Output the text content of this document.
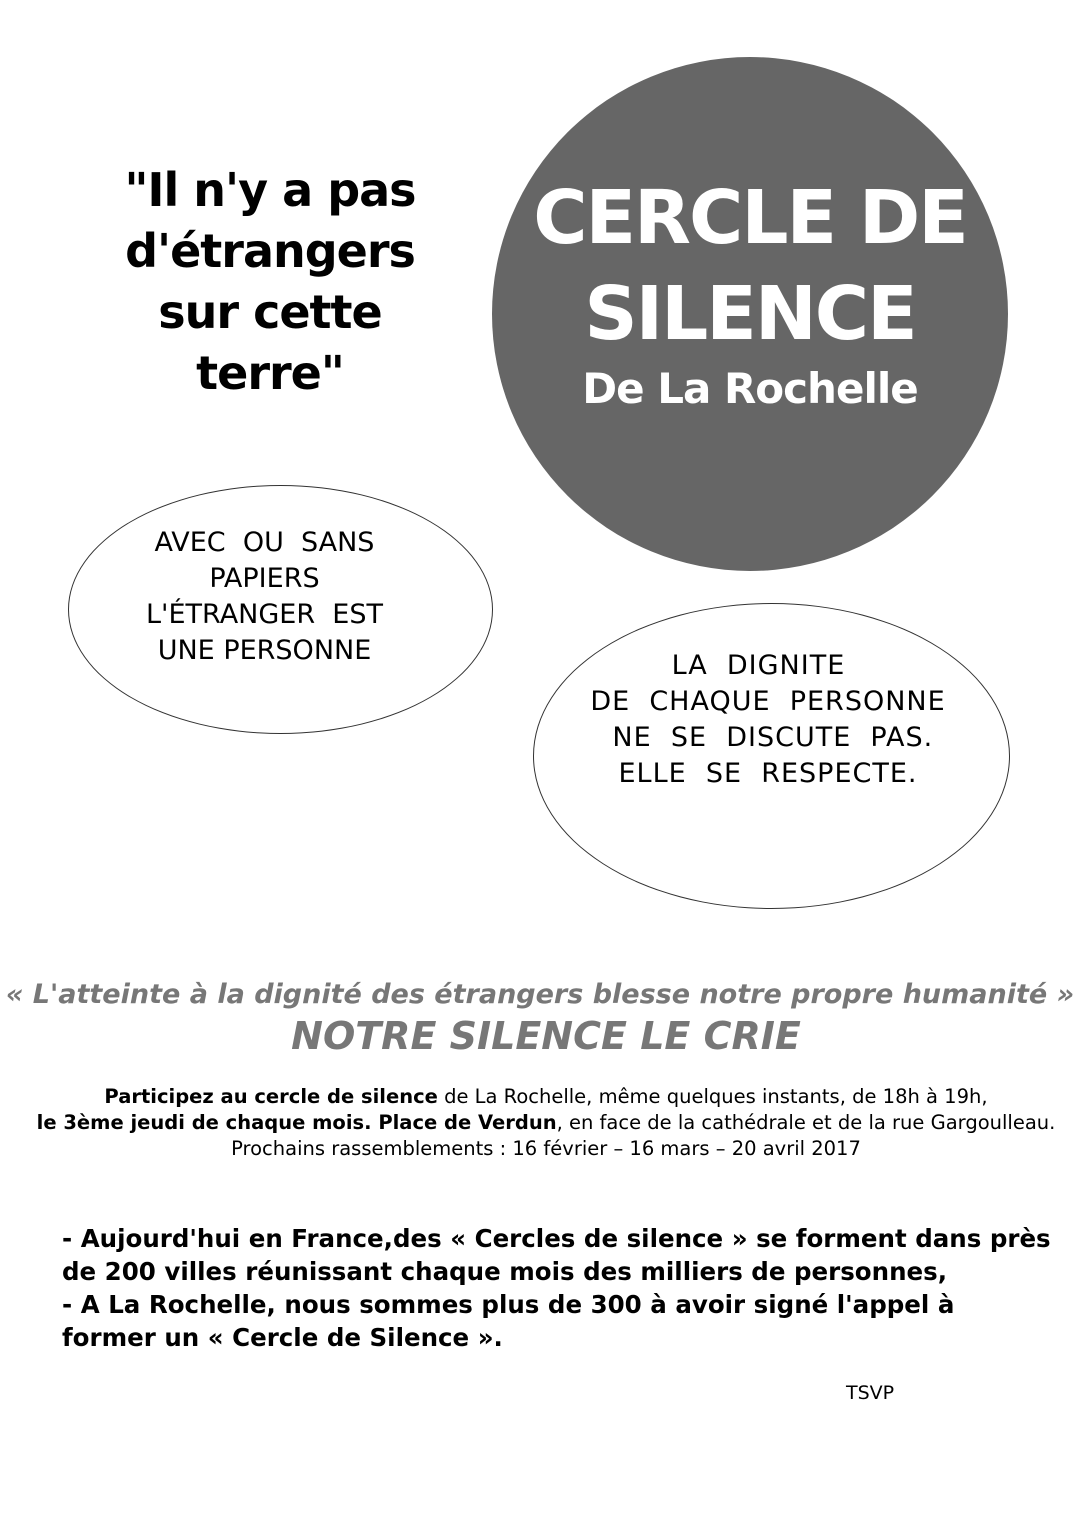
"Il n'y a pas
d'étrangers
sur cette
terre"
CERCLE DE
SILENCE
De La Rochelle
AVEC  OU  SANS
PAPIERS
L'ÉTRANGER  EST
UNE PERSONNE	LA  DIGNITE
DE  CHAQUE  PERSONNE
NE  SE  DISCUTE  PAS.
ELLE  SE  RESPECTE.
« L'atteinte à la dignité des étrangers blesse notre propre humanité »
NOTRE SILENCE LE CRIE
Participez au cercle de silence de La Rochelle, même quelques instants, de 18h à 19h,
le 3ème jeudi de chaque mois. Place de Verdun, en face de la cathédrale et de la rue Gargoulleau.
Prochains rassemblements : 16 février – 16 mars – 20 avril 2017

- Aujourd'hui en France,des « Cercles de silence » se forment dans près de 200 villes réunissant chaque mois des milliers de personnes,

- A La Rochelle, nous sommes plus de 300 à avoir signé l'appel à former un « Cercle de Silence ».

TSVP
